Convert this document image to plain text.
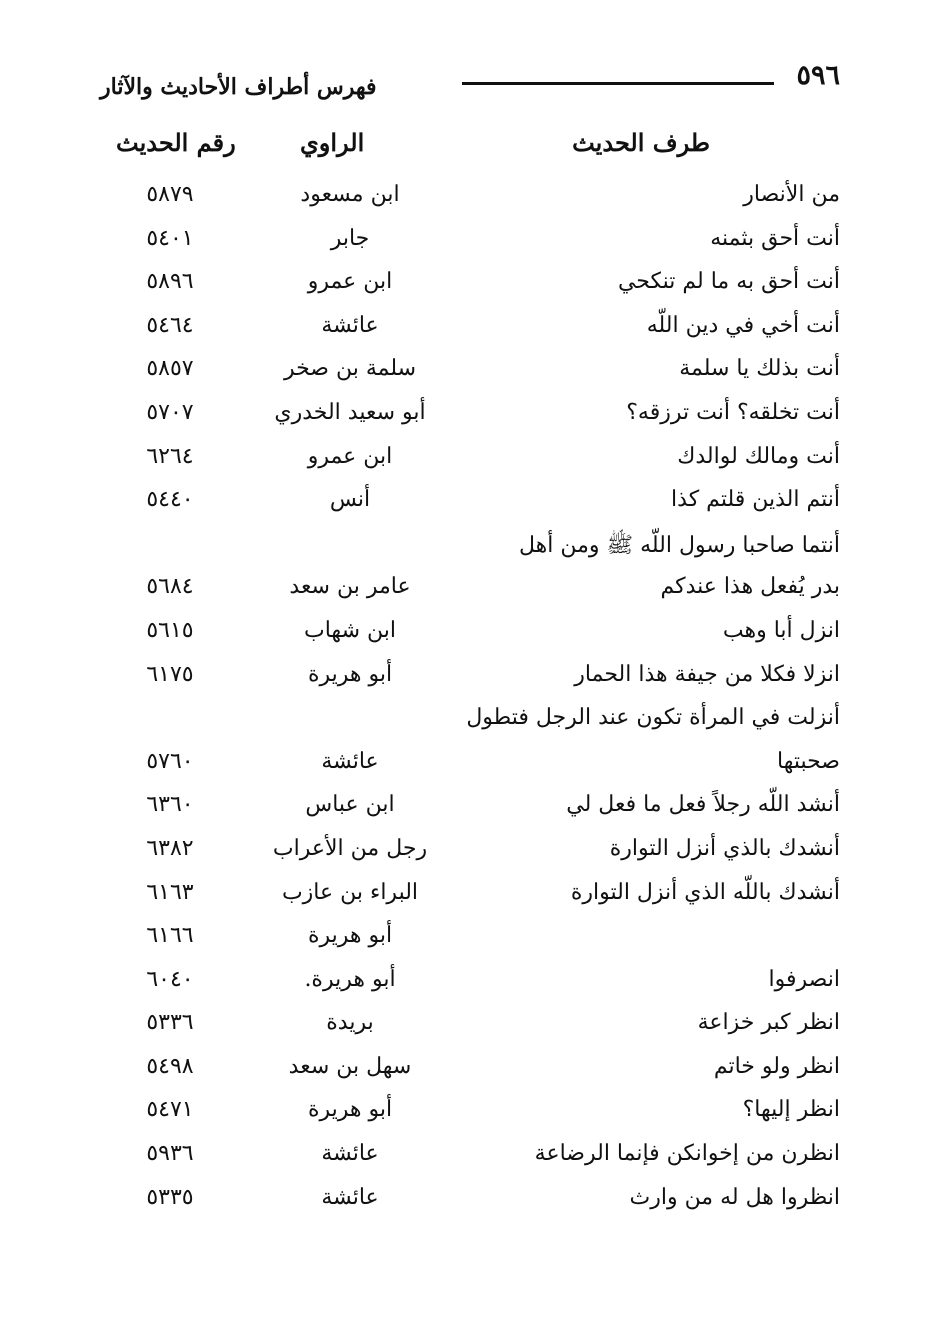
٥٩٦
فهرس أطراف الأحاديث والآثار
طرف الحديث
الراوي
رقم الحديث
من الأنصار
ابن مسعود
٥٨٧٩
أنت أحق بثمنه
جابر
٥٤٠١
أنت أحق به ما لم تنكحي
ابن عمرو
٥٨٩٦
أنت أخي في دين اللّه
عائشة
٥٤٦٤
أنت بذلك يا سلمة
سلمة بن صخر
٥٨٥٧
أنت تخلقه؟ أنت ترزقه؟
أبو سعيد الخدري
٥٧٠٧
أنت ومالك لوالدك
ابن عمرو
٦٢٦٤
أنتم الذين قلتم كذا
أنس
٥٤٤٠
أنتما صاحبا رسول اللّه ﷺ ومن أهل
بدر يُفعل هذا عندكم
عامر بن سعد
٥٦٨٤
انزل أبا وهب
ابن شهاب
٥٦١٥
انزلا فكلا من جيفة هذا الحمار
أبو هريرة
٦١٧٥
أنزلت في المرأة تكون عند الرجل فتطول
صحبتها
عائشة
٥٧٦٠
أنشد اللّه رجلاً فعل ما فعل لي
ابن عباس
٦٣٦٠
أنشدك بالذي أنزل التوارة
رجل من الأعراب
٦٣٨٢
أنشدك باللّه الذي أنزل التوارة
البراء بن عازب
٦١٦٣
أبو هريرة
٦١٦٦
انصرفوا
أبو هريرة.
٦٠٤٠
انظر كبر خزاعة
بريدة
٥٣٣٦
انظر ولو خاتم
سهل بن سعد
٥٤٩٨
انظر إليها؟
أبو هريرة
٥٤٧١
انظرن من إخوانكن فإنما الرضاعة
عائشة
٥٩٣٦
انظروا هل له من وارث
عائشة
٥٣٣٥
